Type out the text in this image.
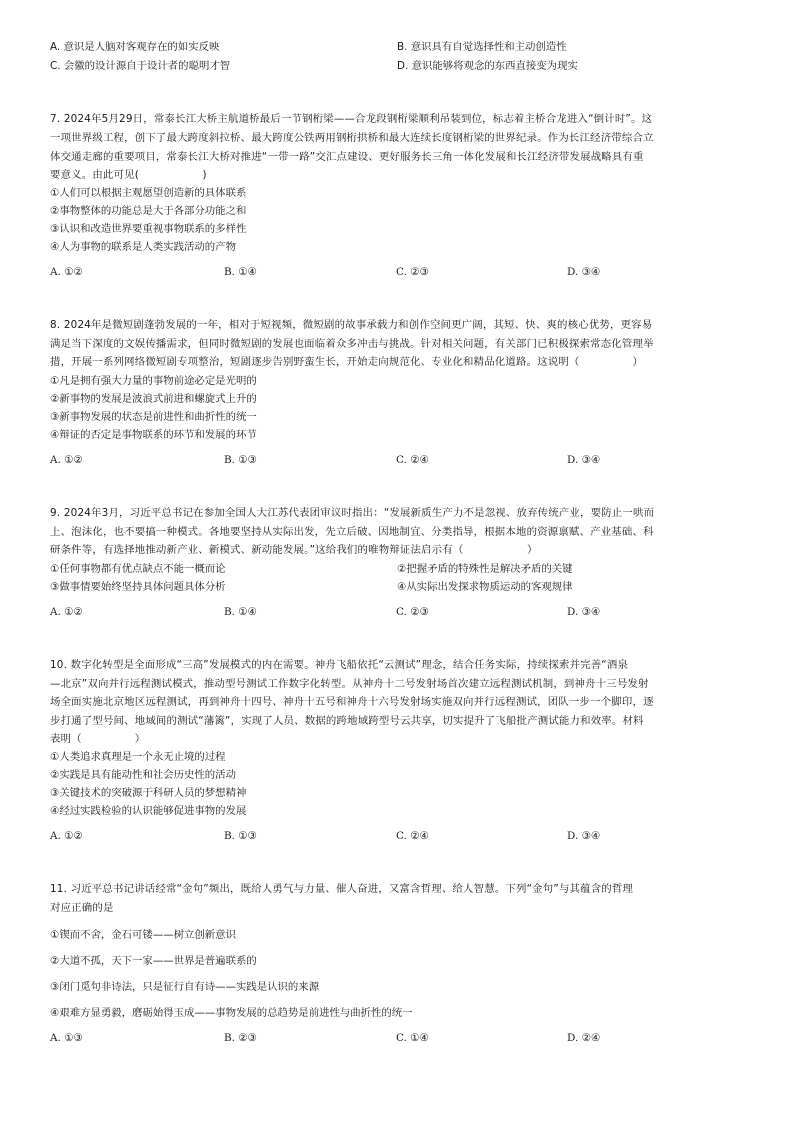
A. 意识是人脑对客观存在的如实反映	B. 意识具有自觉选择性和主动创造性
C. 会徽的设计源自于设计者的聪明才智	D. 意识能够将观念的东西直接变为现实
7. 2024年5月29日，常泰长江大桥主航道桥最后一节钢桁梁——合龙段钢桁梁顺利吊装到位，标志着主桥合龙进入“倒计时”。这
一项世界级工程，创下了最大跨度斜拉桥、最大跨度公铁两用钢桁拱桥和最大连续长度钢桁梁的世界纪录。作为长江经济带综合立
体交通走廊的重要项目，常泰长江大桥对推进“一带一路”交汇点建设、更好服务长三角一体化发展和长江经济带发展战略具有重
要意义。由此可见(　　　　　　)
①人们可以根据主观愿望创造新的具体联系
②事物整体的功能总是大于各部分功能之和
③认识和改造世界要重视事物联系的多样性
④人为事物的联系是人类实践活动的产物
A. ①②	B. ①④	C. ②③	D. ③④
8. 2024年是微短剧蓬勃发展的一年，相对于短视频，微短剧的故事承载力和创作空间更广阔，其短、快、爽的核心优势，更容易
满足当下深度的文娱传播需求，但同时微短剧的发展也面临着众多冲击与挑战。针对相关问题，有关部门已积极探索常态化管理举
措，开展一系列网络微短剧专项整治，短剧逐步告别野蛮生长，开始走向规范化、专业化和精品化道路。这说明（　　　　　）
①凡是拥有强大力量的事物前途必定是光明的
②新事物的发展是波浪式前进和螺旋式上升的
③新事物发展的状态是前进性和曲折性的统一
④辩证的否定是事物联系的环节和发展的环节
A. ①②	B. ①③	C. ②④	D. ③④
9. 2024年3月，习近平总书记在参加全国人大江苏代表团审议时指出：“发展新质生产力不是忽视、放弃传统产业，要防止一哄而
上、泡沫化，也不要搞一种模式。各地要坚持从实际出发，先立后破、因地制宜、分类指导，根据本地的资源禀赋、产业基础、科
研条件等，有选择地推动新产业、新模式、新动能发展。”这给我们的唯物辩证法启示有（　　　　　　）
①任何事物都有优点缺点不能一概而论	②把握矛盾的特殊性是解决矛盾的关键
③做事情要始终坚持具体问题具体分析	④从实际出发探求物质运动的客观规律
A. ①②	B. ①④	C. ②③	D. ③④
10. 数字化转型是全面形成“三高”发展模式的内在需要。神舟飞船依托“云测试”理念，结合任务实际，持续探索并完善“酒泉
—北京”双向并行远程测试模式，推动型号测试工作数字化转型。从神舟十二号发射场首次建立远程测试机制，到神舟十三号发射
场全面实施北京地区远程测试，再到神舟十四号、神舟十五号和神舟十六号发射场实施双向并行远程测试，团队一步一个脚印，逐
步打通了型号间、地域间的测试“藩篱”，实现了人员、数据的跨地域跨型号云共享，切实提升了飞船批产测试能力和效率。材料
表明（　　　　　）
①人类追求真理是一个永无止境的过程
②实践是具有能动性和社会历史性的活动
③关键技术的突破源于科研人员的梦想精神
④经过实践检验的认识能够促进事物的发展
A. ①②	B. ①③	C. ②④	D. ③④
11. 习近平总书记讲话经常“金句”频出，既给人勇气与力量、催人奋进，又富含哲理、给人智慧。下列“金句”与其蕴含的哲理
对应正确的是
①锲而不舍，金石可镂——树立创新意识
②大道不孤，天下一家——世界是普遍联系的
③闭门觅句非诗法，只是征行自有诗——实践是认识的来源
④艰难方显勇毅，磨砺始得玉成——事物发展的总趋势是前进性与曲折性的统一
A. ①③	B. ②③	C. ①④	D. ②④
